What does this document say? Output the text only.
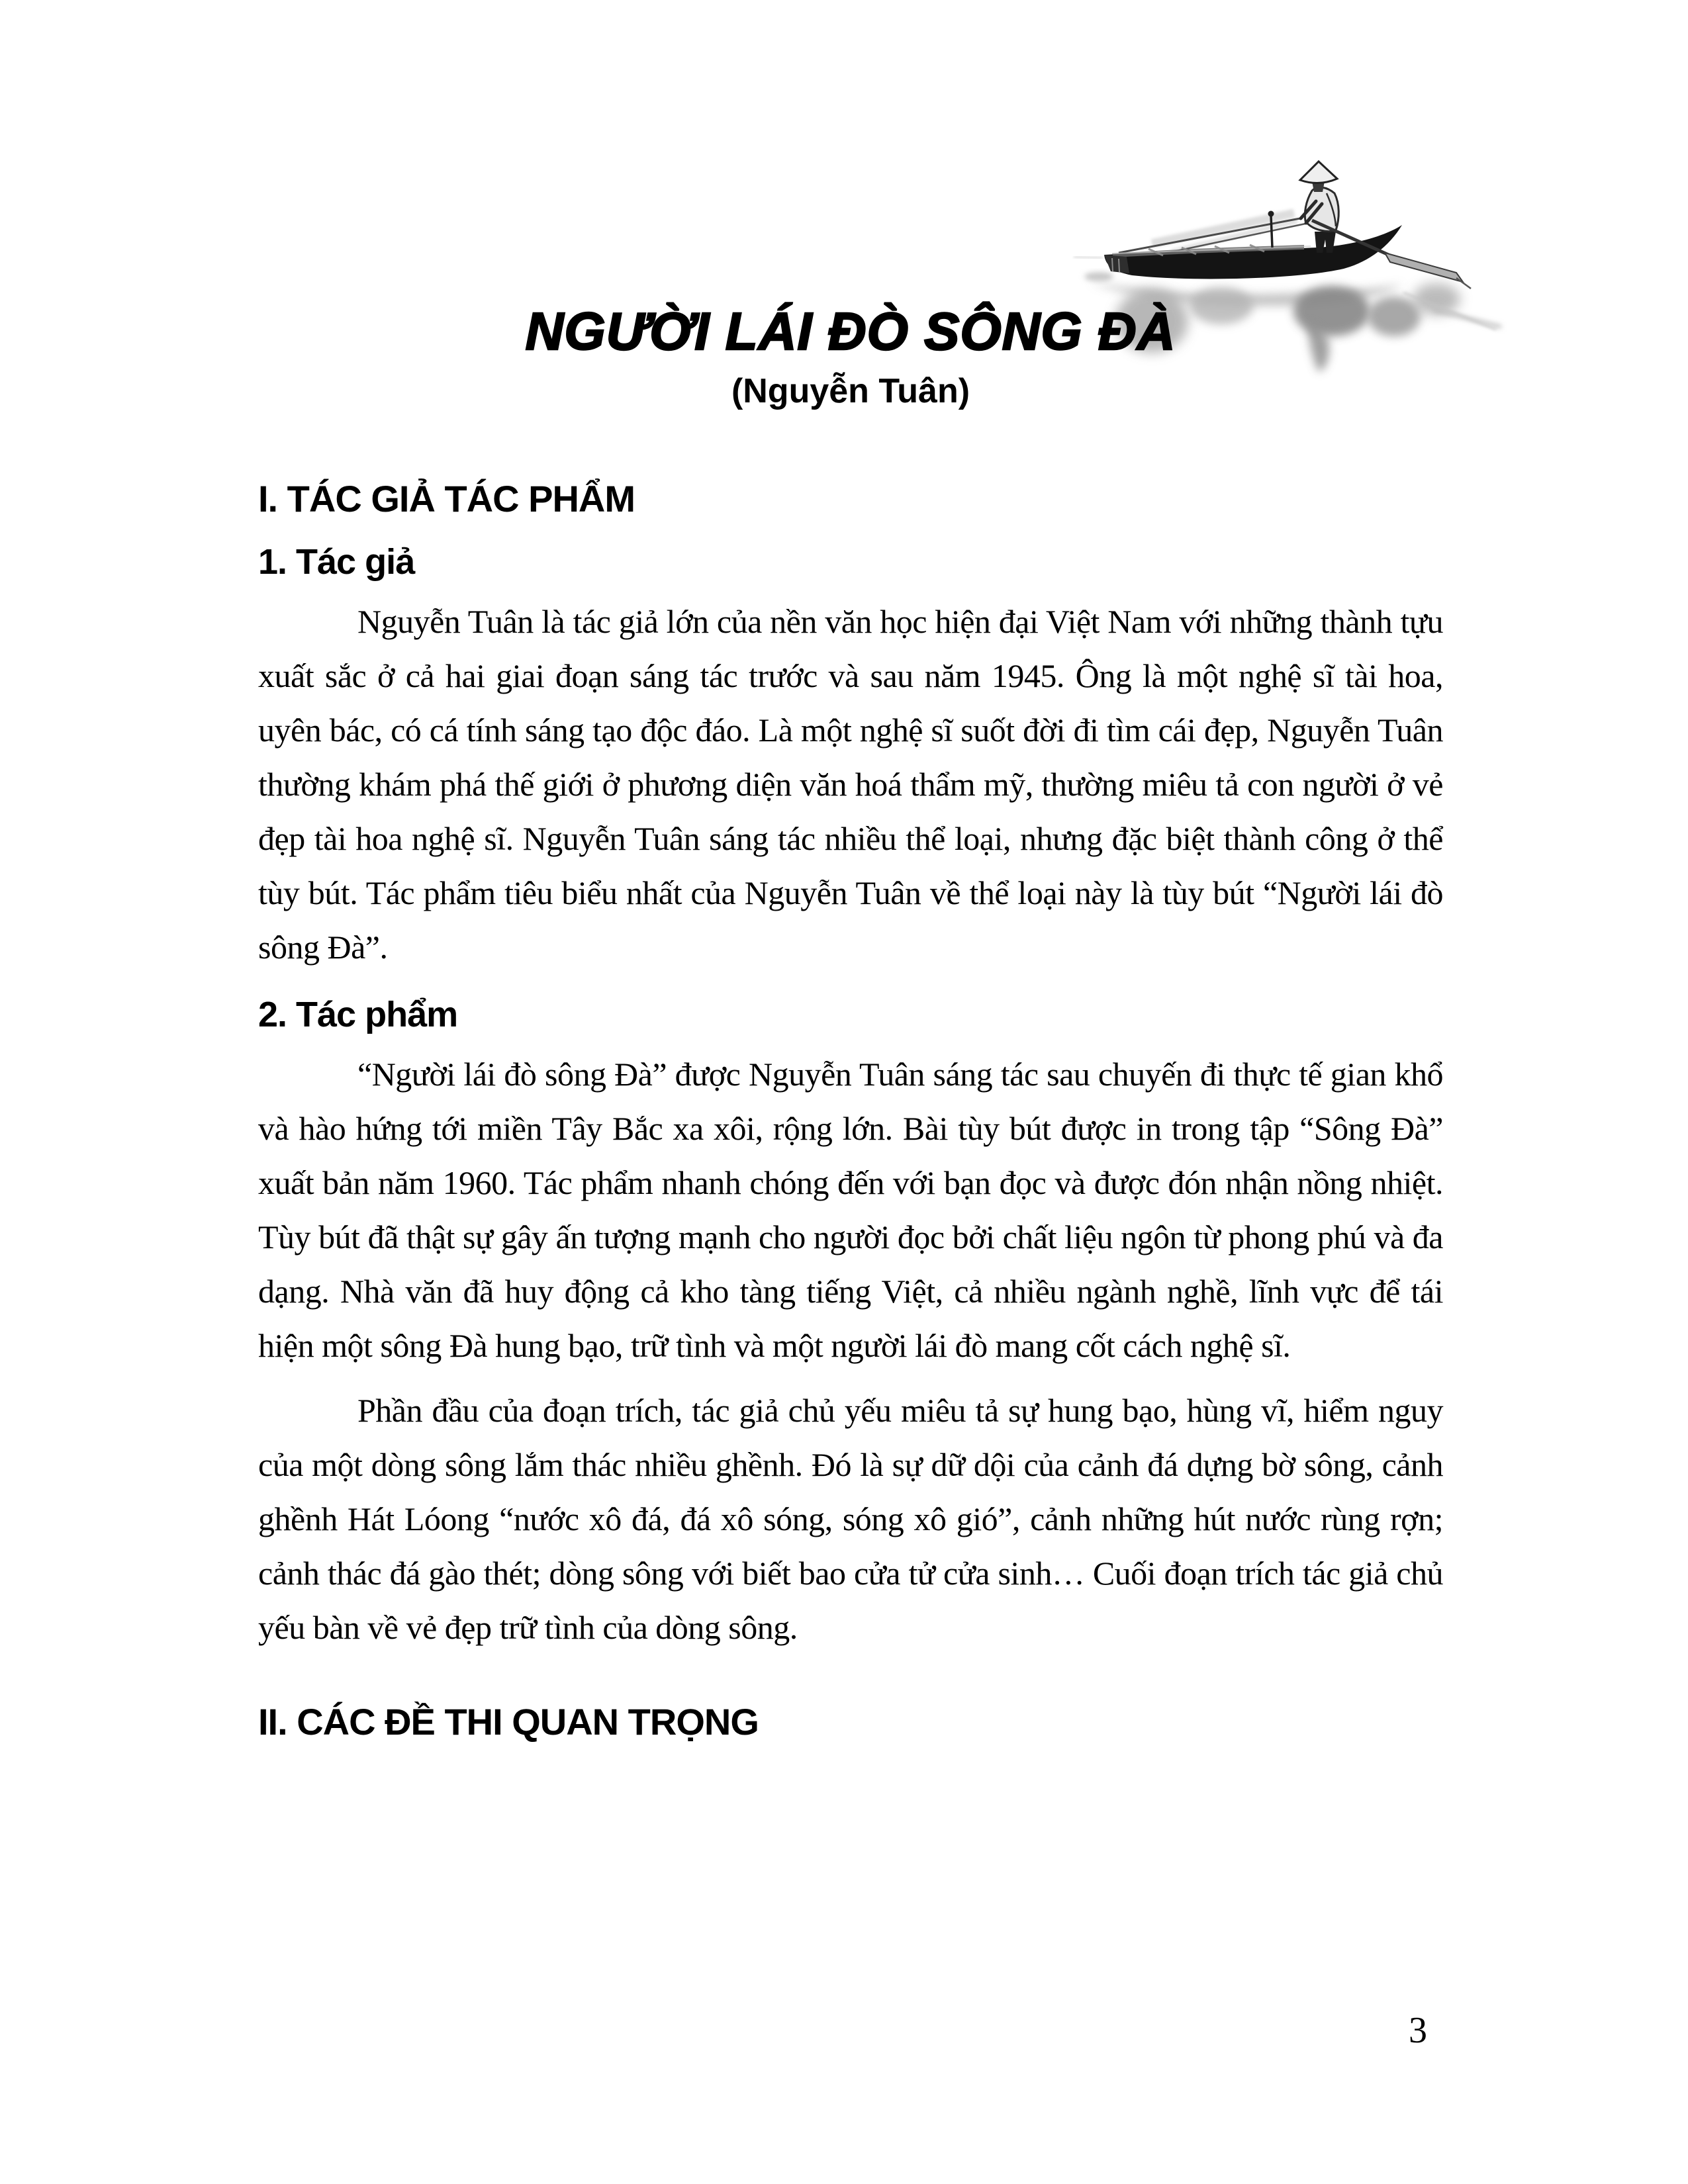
NGƯỜI LÁI ĐÒ SÔNG ĐÀ
(Nguyễn Tuân)
I. TÁC GIẢ TÁC PHẨM
1. Tác giả

Nguyễn Tuân là tác giả lớn của nền văn học hiện đại Việt Nam với những thành tựu xuất sắc ở cả hai giai đoạn sáng tác trước và sau năm 1945. Ông là một nghệ sĩ tài hoa, uyên bác, có cá tính sáng tạo độc đáo. Là một nghệ sĩ suốt đời đi tìm cái đẹp, Nguyễn Tuân thường khám phá thế giới ở phương diện văn hoá thẩm mỹ, thường miêu tả con người ở vẻ đẹp tài hoa nghệ sĩ. Nguyễn Tuân sáng tác nhiều thể loại, nhưng đặc biệt thành công ở thể tùy bút. Tác phẩm tiêu biểu nhất của Nguyễn Tuân về thể loại này là tùy bút “Người lái đò sông Đà”.

2. Tác phẩm

“Người lái đò sông Đà” được Nguyễn Tuân sáng tác sau chuyến đi thực tế gian khổ và hào hứng tới miền Tây Bắc xa xôi, rộng lớn. Bài tùy bút được in trong tập “Sông Đà” xuất bản năm 1960. Tác phẩm nhanh chóng đến với bạn đọc và được đón nhận nồng nhiệt. Tùy bút đã thật sự gây ấn tượng mạnh cho người đọc bởi chất liệu ngôn từ phong phú và đa dạng. Nhà văn đã huy động cả kho tàng tiếng Việt, cả nhiều ngành nghề, lĩnh vực để tái hiện một sông Đà hung bạo, trữ tình và một người lái đò mang cốt cách nghệ sĩ.

Phần đầu của đoạn trích, tác giả chủ yếu miêu tả sự hung bạo, hùng vĩ, hiểm nguy của một dòng sông lắm thác nhiều ghềnh. Đó là sự dữ dội của cảnh đá dựng bờ sông, cảnh ghềnh Hát Lóong “nước xô đá, đá xô sóng, sóng xô gió”, cảnh những hút nước rùng rợn; cảnh thác đá gào thét; dòng sông với biết bao cửa tử cửa sinh… Cuối đoạn trích tác giả chủ yếu bàn về vẻ đẹp trữ tình của dòng sông.

II. CÁC ĐỀ THI QUAN TRỌNG
3
